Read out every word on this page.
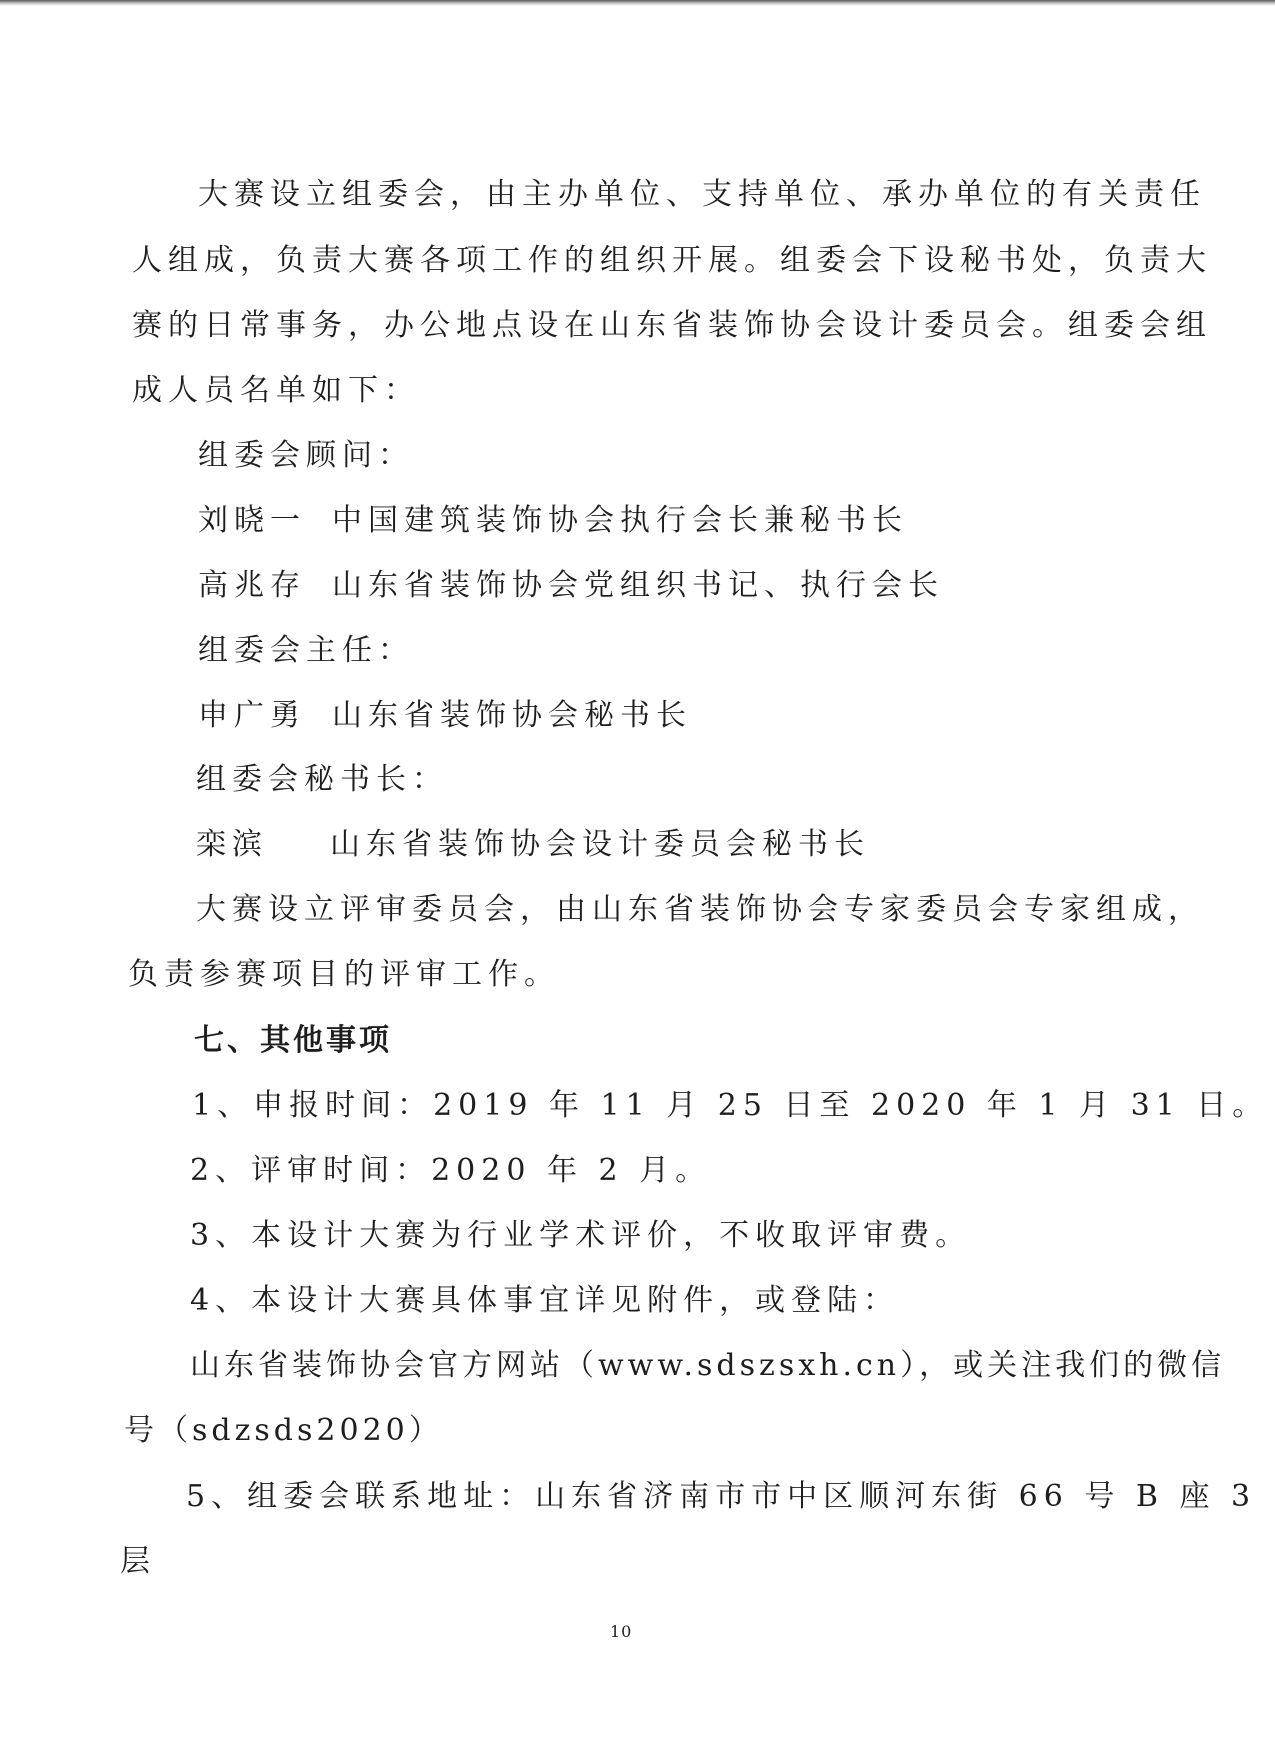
大赛设立组委会，由主办单位、支持单位、承办单位的有关责任
人组成，负责大赛各项工作的组织开展。组委会下设秘书处，负责大
赛的日常事务，办公地点设在山东省装饰协会设计委员会。组委会组
成人员名单如下：
组委会顾问：
刘晓一 中国建筑装饰协会执行会长兼秘书长
高兆存 山东省装饰协会党组织书记、执行会长
组委会主任：
申广勇 山东省装饰协会秘书长
组委会秘书长：
栾滨 山东省装饰协会设计委员会秘书长
大赛设立评审委员会，由山东省装饰协会专家委员会专家组成，
负责参赛项目的评审工作。
七、其他事项
1、申报时间：2019 年 11 月 25 日至 2020 年 1 月 31 日。
2、评审时间：2020 年 2 月。
3、本设计大赛为行业学术评价，不收取评审费。
4、本设计大赛具体事宜详见附件，或登陆：
山东省装饰协会官方网站（www.sdszsxh.cn），或关注我们的微信
号（sdzsds2020）
5、组委会联系地址：山东省济南市市中区顺河东街 66 号 B 座 3
层
10
